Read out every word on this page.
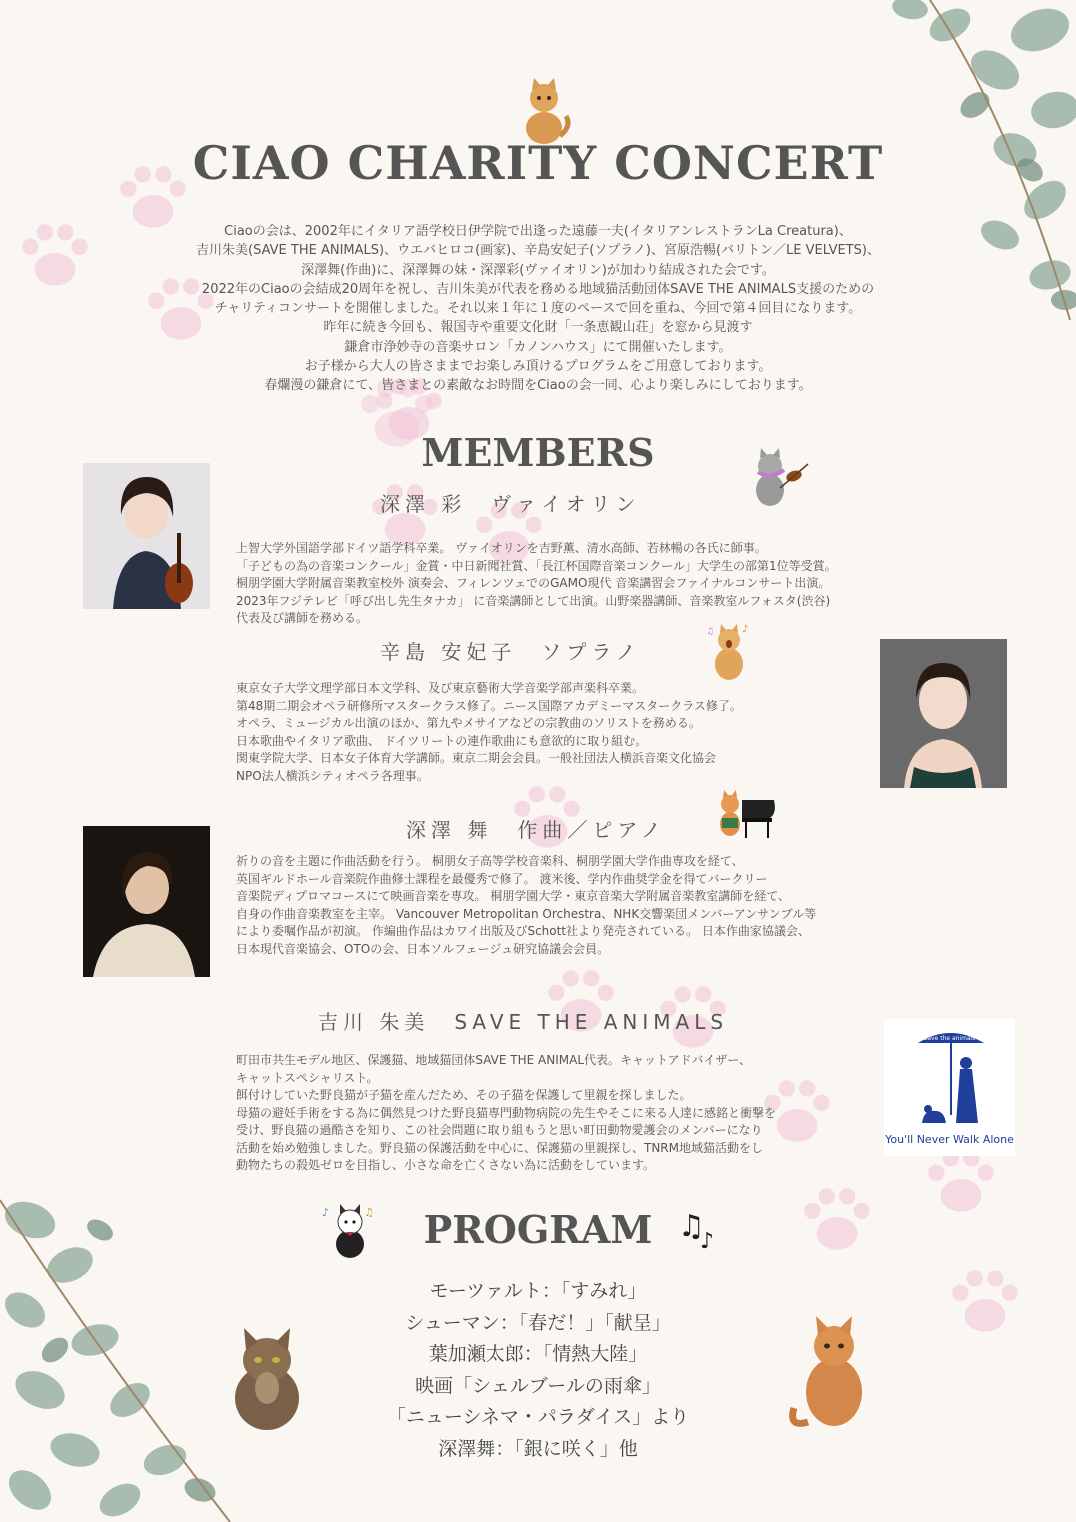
CIAO CHARITY CONCERT
Ciaoの会は、2002年にイタリア語学校日伊学院で出逢った遠藤一夫(イタリアンレストランLa Creatura)、
吉川朱美(SAVE THE ANIMALS)、ウエバヒロコ(画家)、辛島安妃子(ソプラノ)、宮原浩暢(バリトン／LE VELVETS)、
深澤舞(作曲)に、深澤舞の妹・深澤彩(ヴァイオリン)が加わり結成された会です。
2022年のCiaoの会結成20周年を祝し、吉川朱美が代表を務める地域猫活動団体SAVE THE ANIMALS支援のための
チャリティコンサートを開催しました。それ以来１年に１度のペースで回を重ね、今回で第４回目になります。
昨年に続き今回も、報国寺や重要文化財「一条恵観山荘」を窓から見渡す
鎌倉市浄妙寺の音楽サロン「カノンハウス」にて開催いたします。
お子様から大人の皆さままでお楽しみ頂けるプログラムをご用意しております。
春爛漫の鎌倉にて、皆さまとの素敵なお時間をCiaoの会一同、心より楽しみにしております。
MEMBERS
深澤 彩　ヴァイオリン
上智大学外国語学部ドイツ語学科卒業。 ヴァイオリンを吉野薫、清水高師、若林暢の各氏に師事。
「子どもの為の音楽コンクール」金賞・中日新聞社賞、「長江杯国際音楽コンクール」大学生の部第1位等受賞。
桐朋学園大学附属音楽教室校外 演奏会、フィレンツェでのGAMO現代 音楽講習会ファイナルコンサート出演。
2023年フジテレビ「呼び出し先生タナカ」 に音楽講師として出演。山野楽器講師、音楽教室ルフォスタ(渋谷)
代表及び講師を務める。
辛島 安妃子　ソプラノ
♪
♫
東京女子大学文理学部日本文学科、及び東京藝術大学音楽学部声楽科卒業。
第48期二期会オペラ研修所マスタークラス修了。ニース国際アカデミーマスタークラス修了。
オペラ、ミュージカル出演のほか、第九やメサイアなどの宗教曲のソリストを務める。
日本歌曲やイタリア歌曲、 ドイツリートの連作歌曲にも意欲的に取り組む。
関東学院大学、日本女子体育大学講師。東京二期会会員。一般社団法人横浜音楽文化協会
NPO法人横浜シティオペラ各理事。
深澤 舞　作曲／ピアノ
祈りの音を主題に作曲活動を行う。 桐朋女子高等学校音楽科、桐朋学園大学作曲専攻を経て、
英国ギルドホール音楽院作曲修士課程を最優秀で修了。 渡米後、学内作曲奨学金を得てバークリー
音楽院ディプロマコースにて映画音楽を専攻。 桐朋学園大学・東京音楽大学附属音楽教室講師を経て、
自身の作曲音楽教室を主宰。 Vancouver Metropolitan Orchestra、NHK交響楽団メンバーアンサンブル等
により委嘱作品が初演。 作編曲作品はカワイ出版及びSchott社より発売されている。 日本作曲家協議会、
日本現代音楽協会、OTOの会、日本ソルフェージュ研究協議会会員。
吉川 朱美　SAVE THE ANIMALS
町田市共生モデル地区、保護猫、地域猫団体SAVE THE ANIMAL代表。キャットアドバイザー、
キャットスペシャリスト。
餌付けしていた野良猫が子猫を産んだため、その子猫を保護して里親を探しました。
母猫の避妊手術をする為に偶然見つけた野良猫専門動物病院の先生やそこに来る人達に感銘と衝撃を
受け、野良猫の過酷さを知り、この社会問題に取り組もうと思い町田動物愛護会のメンバーになり
活動を始め勉強しました。野良猫の保護活動を中心に、保護猫の里親探し、TNRM地域猫活動をし
動物たちの殺処ゼロを目指し、小さな命を亡くさない為に活動をしています。
Save the animals
You'll Never Walk Alone
♪	♫	PROGRAM ♫
♪
モーツァルト：「すみれ」
シューマン：「春だ！」「献呈」
葉加瀬太郎：「情熱大陸」
映画「シェルブールの雨傘」
「ニューシネマ・パラダイス」より
深澤舞：「銀に咲く」他
